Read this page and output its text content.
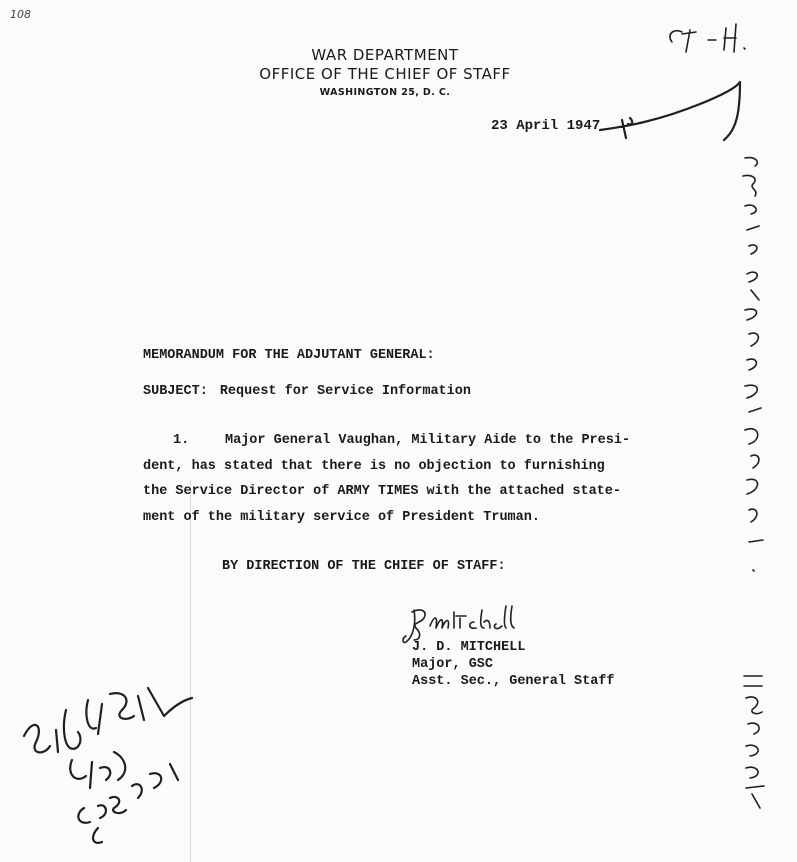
108
WAR DEPARTMENT
OFFICE OF THE CHIEF OF STAFF
WASHINGTON 25, D. C.
23 April 1947
MEMORANDUM FOR THE ADJUTANT GENERAL:
SUBJECT: Request for Service Information
1.	Major General Vaughan, Military Aide to the Presi-
dent, has stated that there is no objection to furnishing
the Service Director of ARMY TIMES with the attached state-
ment of the military service of President Truman.
BY DIRECTION OF THE CHIEF OF STAFF:
J. D. MITCHELL
Major, GSC
Asst. Sec., General Staff
